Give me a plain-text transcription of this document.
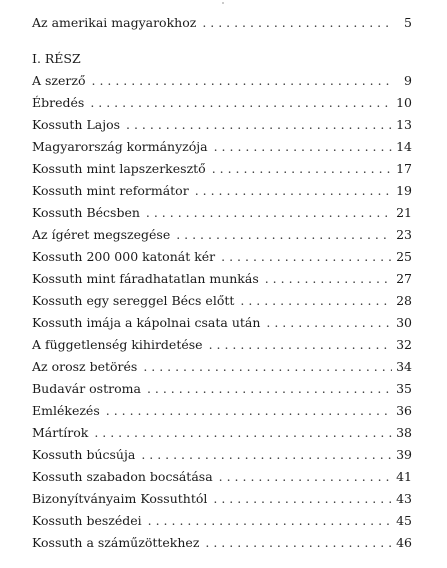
Az amerikai magyarokhoz . . .	5
I. RÉSZ
A szerző . . .	9
Ébredés . . .	10
Kossuth Lajos . . .	13
Magyarország kormányzója . . .	14
Kossuth mint lapszerkesztő . . .	17
Kossuth mint reformátor . . .	19
Kossuth Bécsben . . .	21
Az ígéret megszegése . . .	23
Kossuth 200 000 katonát kér . . .	25
Kossuth mint fáradhatatlan munkás . . .	27
Kossuth egy sereggel Bécs előtt . . .	28
Kossuth imája a kápolnai csata után . . .	30
A függetlenség kihirdetése . . .	32
Az orosz betörés . . .	34
Budavár ostroma . . .	35
Emlékezés . . .	36
Mártírok . . .	38
Kossuth búcsúja . . .	39
Kossuth szabadon bocsátása . . .	41
Bizonyítványaim Kossuthtól . . .	43
Kossuth beszédei . . .	45
Kossuth a száműzöttekhez . . .	46
